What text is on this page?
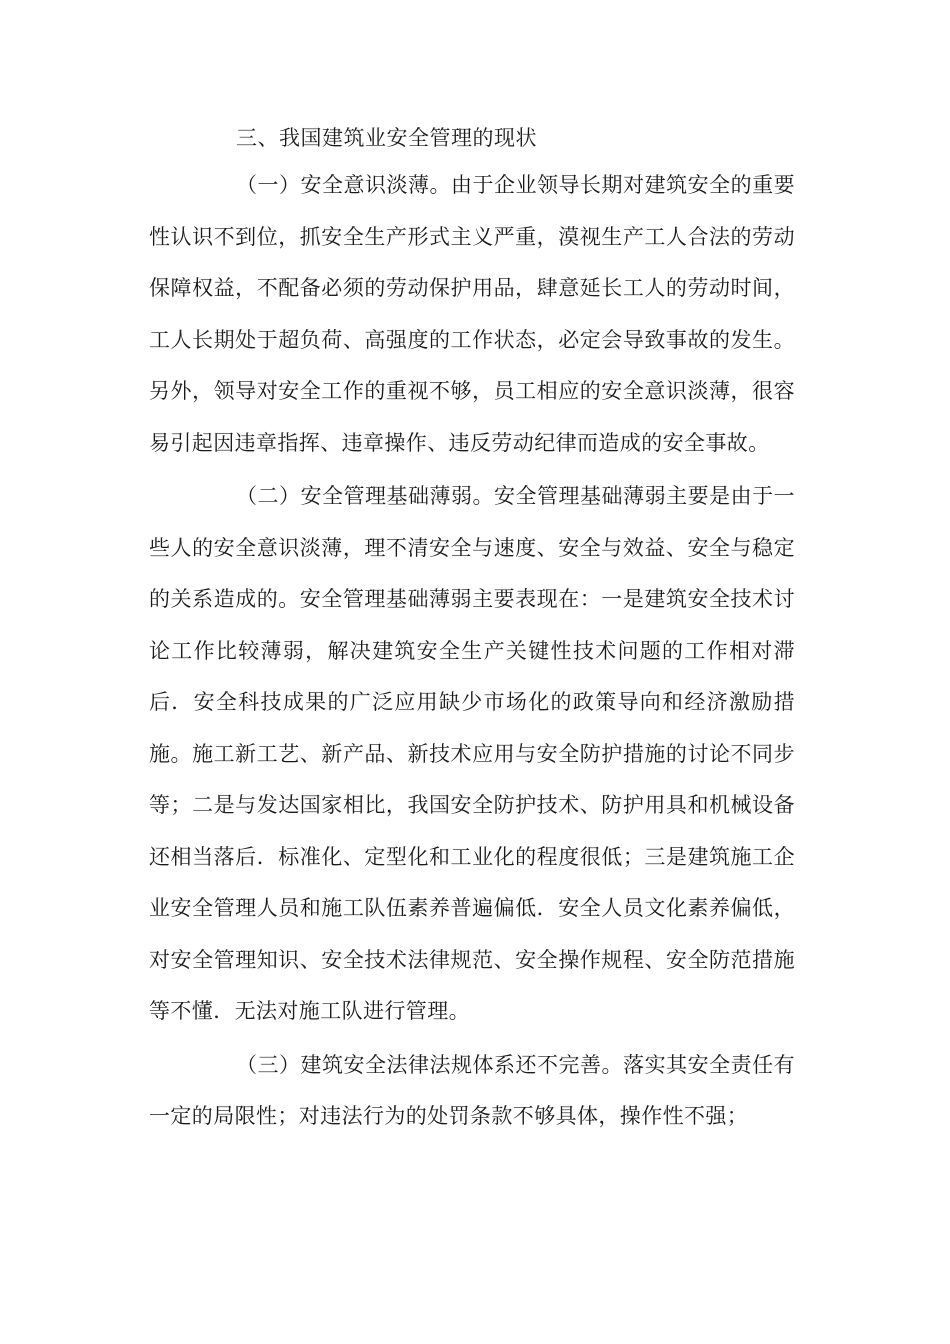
三、我国建筑业安全管理的现状

（一）安全意识淡薄。由于企业领导长期对建筑安全的重要性认识不到位，抓安全生产形式主义严重，漠视生产工人合法的劳动保障权益，不配备必须的劳动保护用品，肆意延长工人的劳动时间，工人长期处于超负荷、高强度的工作状态，必定会导致事故的发生。另外，领导对安全工作的重视不够，员工相应的安全意识淡薄，很容易引起因违章指挥、违章操作、违反劳动纪律而造成的安全事故。

（二）安全管理基础薄弱。安全管理基础薄弱主要是由于一些人的安全意识淡薄，理不清安全与速度、安全与效益、安全与稳定的关系造成的。安全管理基础薄弱主要表现在：一是建筑安全技术讨论工作比较薄弱，解决建筑安全生产关键性技术问题的工作相对滞后．安全科技成果的广泛应用缺少市场化的政策导向和经济激励措施。施工新工艺、新产品、新技术应用与安全防护措施的讨论不同步等；二是与发达国家相比，我国安全防护技术、防护用具和机械设备还相当落后．标准化、定型化和工业化的程度很低；三是建筑施工企业安全管理人员和施工队伍素养普遍偏低．安全人员文化素养偏低，对安全管理知识、安全技术法律规范、安全操作规程、安全防范措施等不懂．无法对施工队进行管理。

（三）建筑安全法律法规体系还不完善。落实其安全责任有一定的局限性；对违法行为的处罚条款不够具体，操作性不强；
